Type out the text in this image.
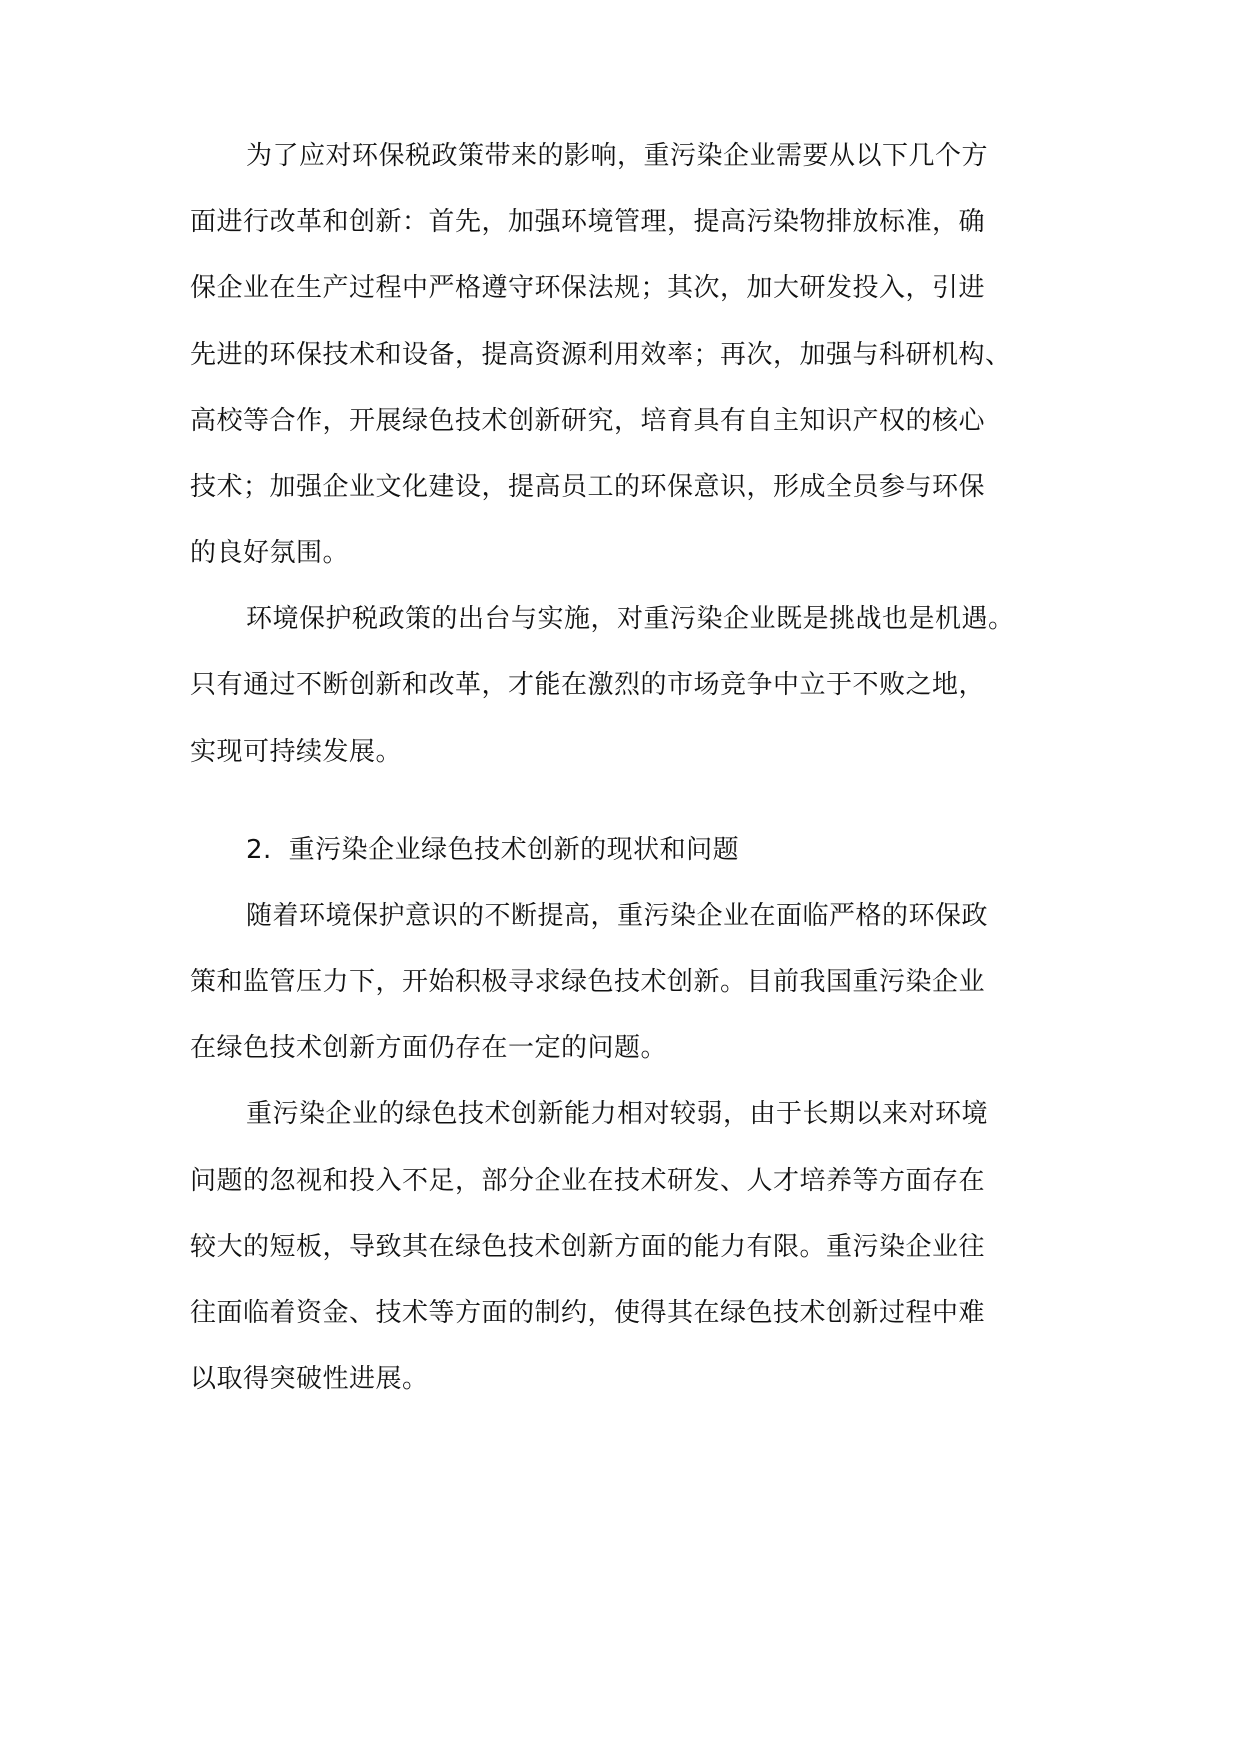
为了应对环保税政策带来的影响，重污染企业需要从以下几个方
面进行改革和创新：首先，加强环境管理，提高污染物排放标准，确
保企业在生产过程中严格遵守环保法规；其次，加大研发投入，引进
先进的环保技术和设备，提高资源利用效率；再次，加强与科研机构、
高校等合作，开展绿色技术创新研究，培育具有自主知识产权的核心
技术；加强企业文化建设，提高员工的环保意识，形成全员参与环保
的良好氛围。
环境保护税政策的出台与实施，对重污染企业既是挑战也是机遇。
只有通过不断创新和改革，才能在激烈的市场竞争中立于不败之地，
实现可持续发展。
2. 重污染企业绿色技术创新的现状和问题
随着环境保护意识的不断提高，重污染企业在面临严格的环保政
策和监管压力下，开始积极寻求绿色技术创新。目前我国重污染企业
在绿色技术创新方面仍存在一定的问题。
重污染企业的绿色技术创新能力相对较弱，由于长期以来对环境
问题的忽视和投入不足，部分企业在技术研发、人才培养等方面存在
较大的短板，导致其在绿色技术创新方面的能力有限。重污染企业往
往面临着资金、技术等方面的制约，使得其在绿色技术创新过程中难
以取得突破性进展。
